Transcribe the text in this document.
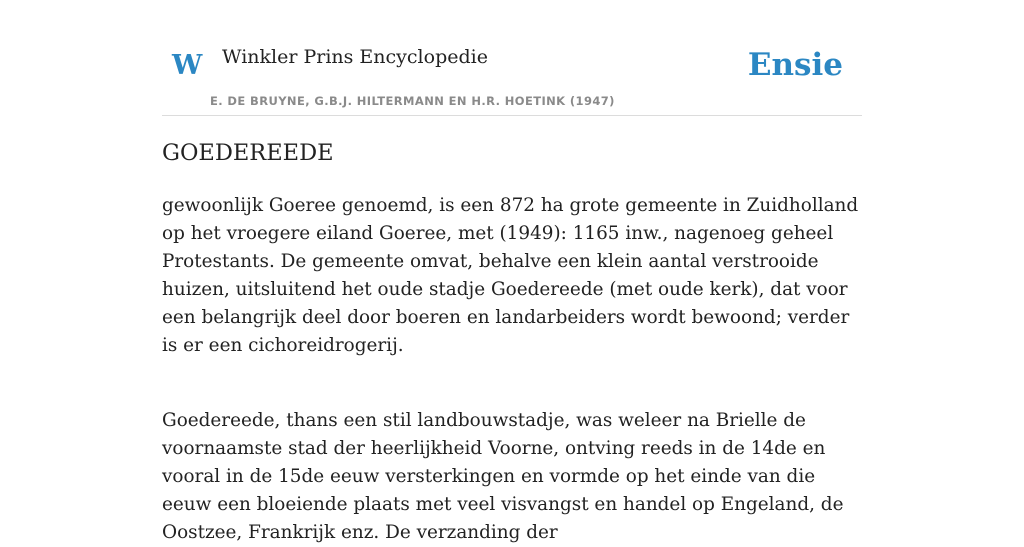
W Winkler Prins Encyclopedie
E. DE BRUYNE, G.B.J. HILTERMANN EN H.R. HOETINK (1947)
Ensie
GOEDEREEDE

gewoonlijk Goeree genoemd, is een 872 ha grote gemeente in Zuidholland op het vroegere eiland Goeree, met (1949): 1165 inw., nagenoeg geheel Protestants. De gemeente omvat, behalve een klein aantal verstrooide huizen, uitsluitend het oude stadje Goedereede (met oude kerk), dat voor een belangrijk deel door boeren en landarbeiders wordt bewoond; verder is er een cichoreidrogerij.

Goedereede, thans een stil landbouwstadje, was weleer na Brielle de voornaamste stad der heerlijkheid Voorne, ontving reeds in de 14de en vooral in de 15de eeuw versterkingen en vormde op het einde van die eeuw een bloeiende plaats met veel visvangst en handel op Engeland, de Oostzee, Frankrijk enz. De verzanding der
